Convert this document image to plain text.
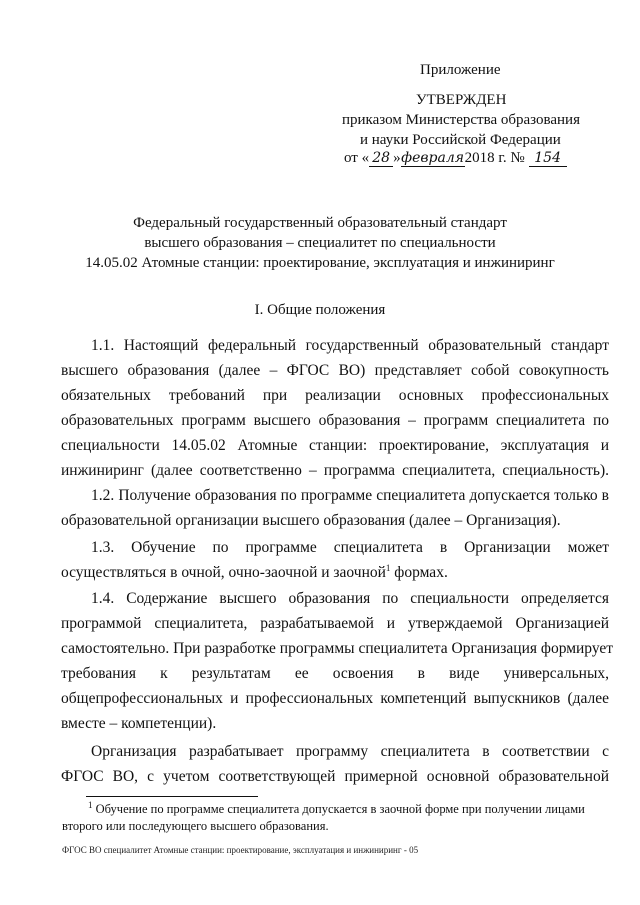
Приложение
УТВЕРЖДЕН
приказом Министерства образования
и науки Российской Федерации
от « 28 »февраля2018 г. № 154
Федеральный государственный образовательный стандарт
высшего образования – специалитет по специальности
14.05.02 Атомные станции: проектирование, эксплуатация и инжиниринг
I. Общие положения
1.1. Настоящий федеральный государственный образовательный стандарт
высшего образования (далее – ФГОС ВО) представляет собой совокупность
обязательных требований при реализации основных профессиональных
образовательных программ высшего образования – программ специалитета по
специальности 14.05.02 Атомные станции: проектирование, эксплуатация и
инжиниринг (далее соответственно – программа специалитета, специальность).
1.2. Получение образования по программе специалитета допускается только в
образовательной организации высшего образования (далее – Организация).
1.3. Обучение по программе специалитета в Организации может
осуществляться в очной, очно-заочной и заочной$^1$ формах.
1.4. Содержание высшего образования по специальности определяется
программой специалитета, разрабатываемой и утверждаемой Организацией
самостоятельно. При разработке программы специалитета Организация формирует
требования к результатам ее освоения в виде универсальных,
общепрофессиональных и профессиональных компетенций выпускников (далее
вместе – компетенции).
Организация разрабатывает программу специалитета в соответствии с
ФГОС ВО, с учетом соответствующей примерной основной образовательной
$^1$ Обучение по программе специалитета допускается в заочной форме при получении лицами
второго или последующего высшего образования.
ФГОС ВО специалитет Атомные станции: проектирование, эксплуатация и инжиниринг - 05
